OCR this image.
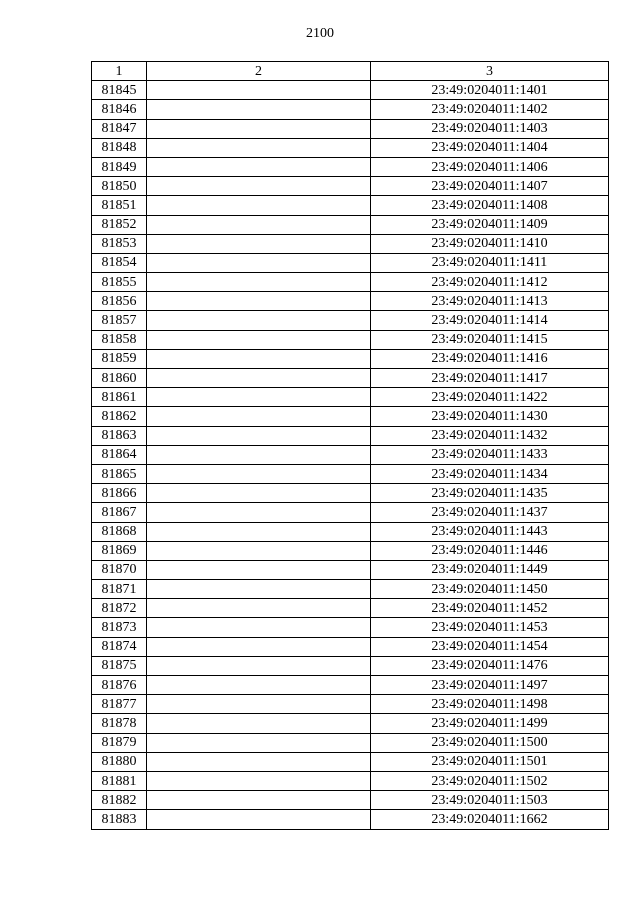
2100
1	2	3
81845		23:49:0204011:1401
81846		23:49:0204011:1402
81847		23:49:0204011:1403
81848		23:49:0204011:1404
81849		23:49:0204011:1406
81850		23:49:0204011:1407
81851		23:49:0204011:1408
81852		23:49:0204011:1409
81853		23:49:0204011:1410
81854		23:49:0204011:1411
81855		23:49:0204011:1412
81856		23:49:0204011:1413
81857		23:49:0204011:1414
81858		23:49:0204011:1415
81859		23:49:0204011:1416
81860		23:49:0204011:1417
81861		23:49:0204011:1422
81862		23:49:0204011:1430
81863		23:49:0204011:1432
81864		23:49:0204011:1433
81865		23:49:0204011:1434
81866		23:49:0204011:1435
81867		23:49:0204011:1437
81868		23:49:0204011:1443
81869		23:49:0204011:1446
81870		23:49:0204011:1449
81871		23:49:0204011:1450
81872		23:49:0204011:1452
81873		23:49:0204011:1453
81874		23:49:0204011:1454
81875		23:49:0204011:1476
81876		23:49:0204011:1497
81877		23:49:0204011:1498
81878		23:49:0204011:1499
81879		23:49:0204011:1500
81880		23:49:0204011:1501
81881		23:49:0204011:1502
81882		23:49:0204011:1503
81883		23:49:0204011:1662
